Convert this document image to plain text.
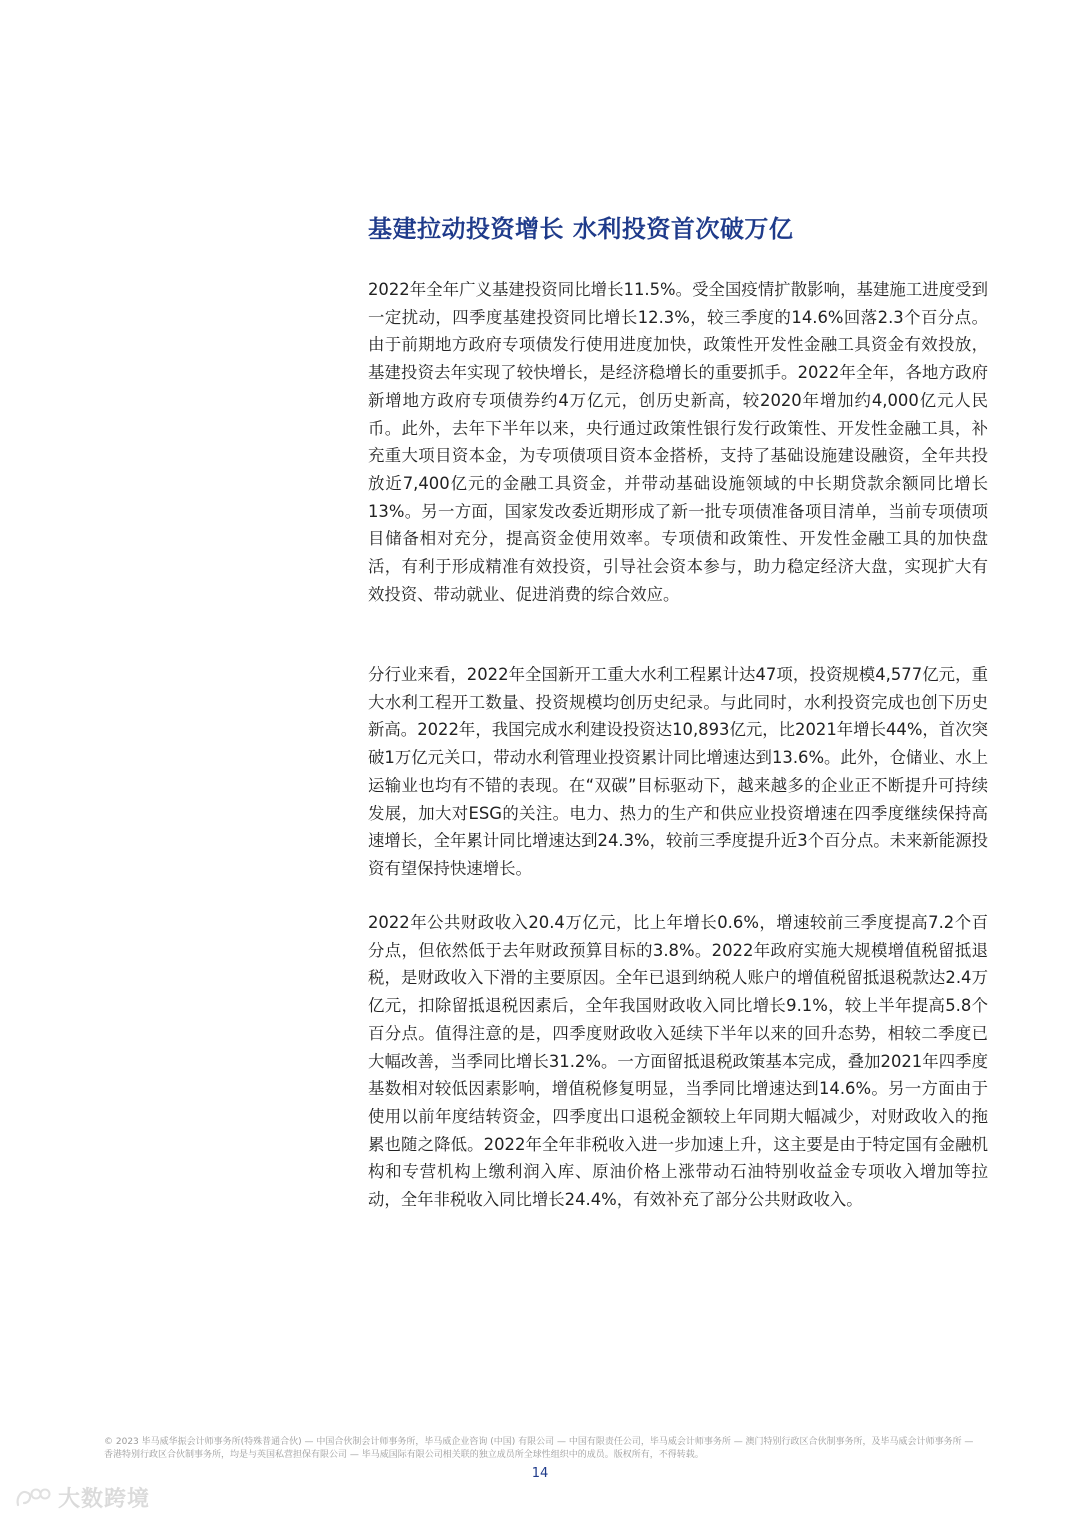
基建拉动投资增长 水利投资首次破万亿

2022年全年广义基建投资同比增长11.5%。受全国疫情扩散影响，基建施工进度受到一定扰动，四季度基建投资同比增长12.3%，较三季度的14.6%回落2.3个百分点。由于前期地方政府专项债发行使用进度加快，政策性开发性金融工具资金有效投放，基建投资去年实现了较快增长，是经济稳增长的重要抓手。2022年全年，各地方政府新增地方政府专项债券约4万亿元，创历史新高，较2020年增加约4,000亿元人民币。此外，去年下半年以来，央行通过政策性银行发行政策性、开发性金融工具，补充重大项目资本金，为专项债项目资本金搭桥，支持了基础设施建设融资，全年共投放近7,400亿元的金融工具资金，并带动基础设施领域的中长期贷款余额同比增长13%。另一方面，国家发改委近期形成了新一批专项债准备项目清单，当前专项债项目储备相对充分，提高资金使用效率。专项债和政策性、开发性金融工具的加快盘活，有利于形成精准有效投资，引导社会资本参与，助力稳定经济大盘，实现扩大有效投资、带动就业、促进消费的综合效应。

分行业来看，2022年全国新开工重大水利工程累计达47项，投资规模4,577亿元，重大水利工程开工数量、投资规模均创历史纪录。与此同时，水利投资完成也创下历史新高。2022年，我国完成水利建设投资达10,893亿元，比2021年增长44%，首次突破1万亿元关口，带动水利管理业投资累计同比增速达到13.6%。此外，仓储业、水上运输业也均有不错的表现。在“双碳”目标驱动下，越来越多的企业正不断提升可持续发展，加大对ESG的关注。电力、热力的生产和供应业投资增速在四季度继续保持高速增长，全年累计同比增速达到24.3%，较前三季度提升近3个百分点。未来新能源投资有望保持快速增长。

2022年公共财政收入20.4万亿元，比上年增长0.6%，增速较前三季度提高7.2个百分点，但依然低于去年财政预算目标的3.8%。2022年政府实施大规模增值税留抵退税，是财政收入下滑的主要原因。全年已退到纳税人账户的增值税留抵退税款达2.4万亿元，扣除留抵退税因素后，全年我国财政收入同比增长9.1%，较上半年提高5.8个百分点。值得注意的是，四季度财政收入延续下半年以来的回升态势，相较二季度已大幅改善，当季同比增长31.2%。一方面留抵退税政策基本完成，叠加2021年四季度基数相对较低因素影响，增值税修复明显，当季同比增速达到14.6%。另一方面由于使用以前年度结转资金，四季度出口退税金额较上年同期大幅减少，对财政收入的拖累也随之降低。2022年全年非税收入进一步加速上升，这主要是由于特定国有金融机构和专营机构上缴利润入库、原油价格上涨带动石油特别收益金专项收入增加等拉动，全年非税收入同比增长24.4%，有效补充了部分公共财政收入。

© 2023 毕马威华振会计师事务所(特殊普通合伙) — 中国合伙制会计师事务所，毕马威企业咨询 (中国) 有限公司 — 中国有限责任公司，毕马威会计师事务所 — 澳门特别行政区合伙制事务所，及毕马威会计师事务所 — 香港特别行政区合伙制事务所，均是与英国私营担保有限公司 — 毕马威国际有限公司相关联的独立成员所全球性组织中的成员。版权所有，不得转载。

14
大数跨境
